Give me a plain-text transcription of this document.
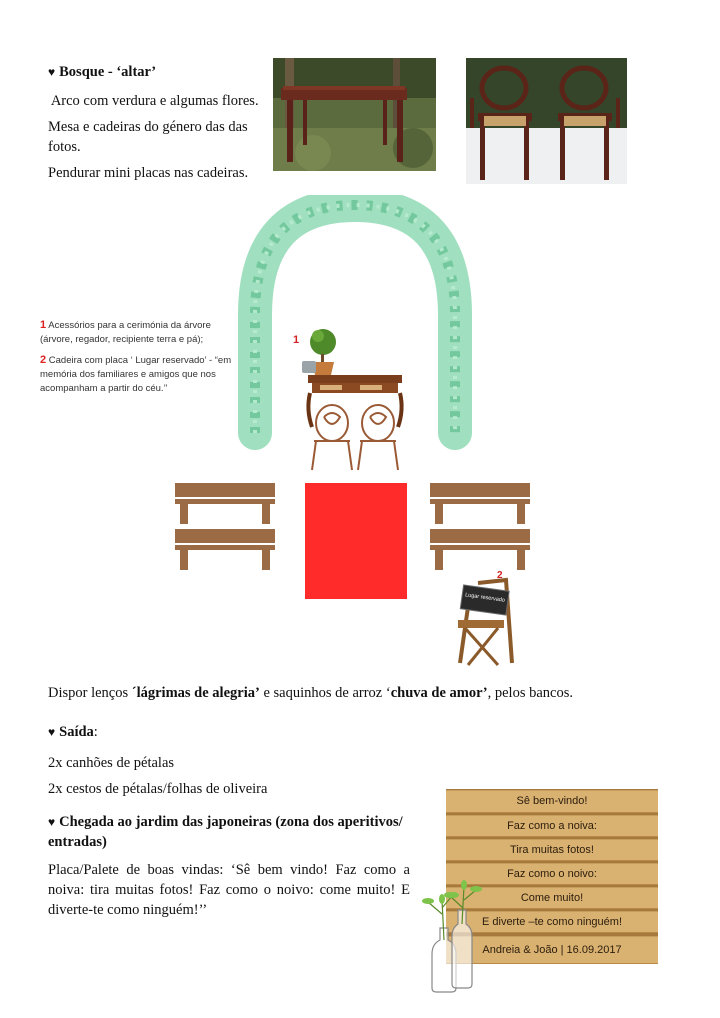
♥ Bosque - ‘altar’
Arco com verdura e algumas flores.
Mesa e cadeiras do género das das fotos.
Pendurar mini placas nas cadeiras.
1 Acessórios para a cerimónia da árvore (árvore, regador, recipiente terra e pá);
2 Cadeira com placa ‘ Lugar reservado’ - “em memória dos familiares e amigos que nos acompanham a partir do céu.’’
1
2
Lugar reservado
Dispor lenços ´lágrimas de alegria’ e saquinhos de arroz ‘chuva de amor’, pelos bancos.
♥ Saída:
2x canhões de pétalas
2x cestos de pétalas/folhas de oliveira
♥ Chegada ao jardim das japoneiras (zona dos aperitivos/ entradas)
Placa/Palete de boas vindas: ‘Sê bem vindo! Faz como a noiva: tira muitas fotos! Faz como o noivo: come muito! E diverte-te como ninguém!’’
Sê bem-vindo!
Faz como a noiva:
Tira muitas fotos!
Faz como o noivo:
Come muito!
E diverte –te como ninguém!
Andreia & João | 16.09.2017
